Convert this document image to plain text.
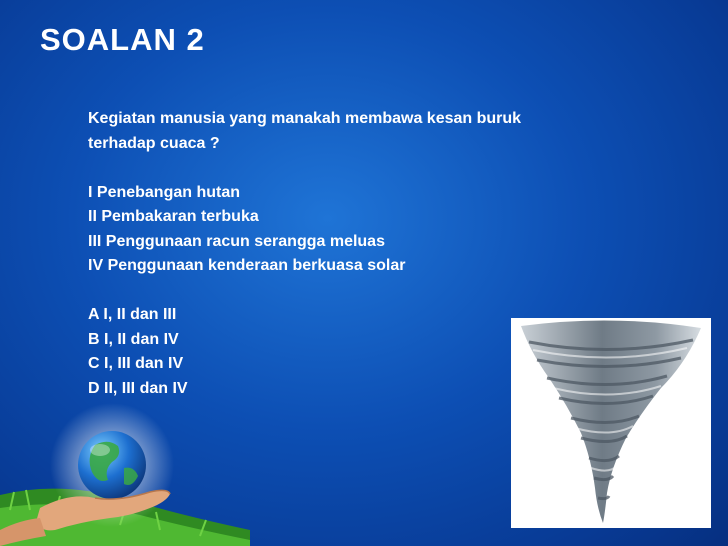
SOALAN 2
Kegiatan manusia yang manakah membawa kesan buruk
terhadap cuaca ?
I Penebangan hutan
II Pembakaran terbuka
III Penggunaan racun serangga meluas
IV Penggunaan kenderaan berkuasa solar
A I, II dan III
B I, II dan IV
C I, III dan IV
D II, III dan IV
